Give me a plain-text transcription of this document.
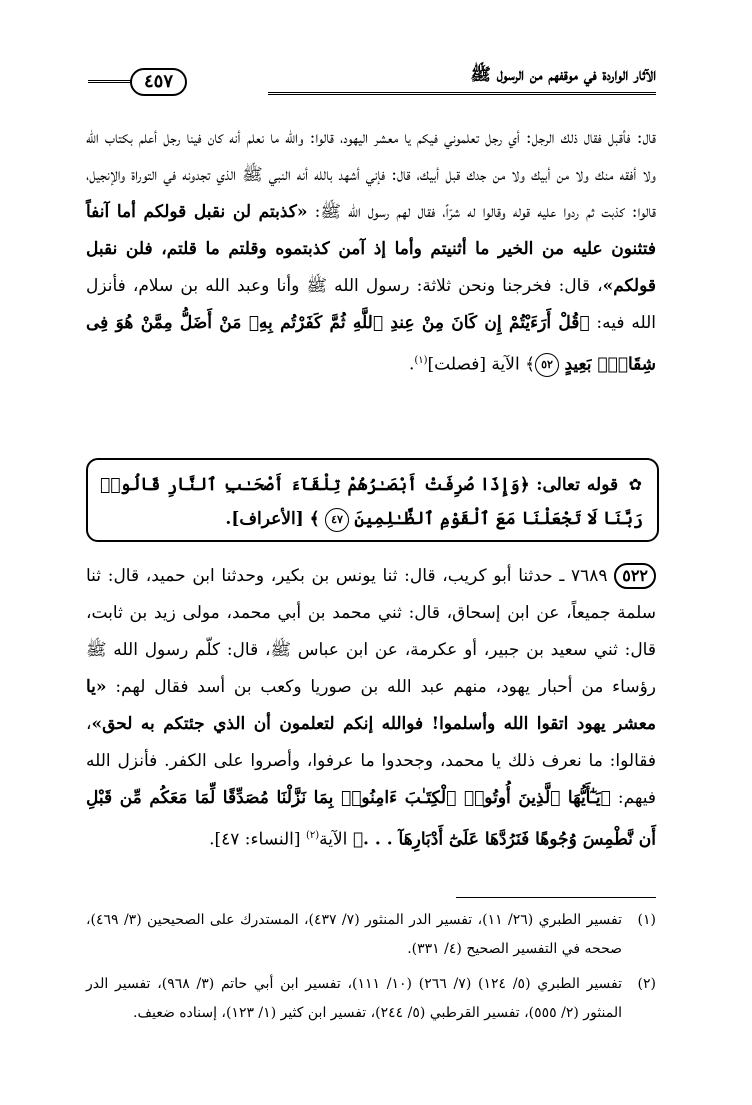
الآثار الواردة في موقفهم من الرسول ﷺ
٤٥٧

قال: فأقبل فقال ذلك الرجل: أي رجل تعلموني فيكم يا معشر اليهود، قالوا: والله ما نعلم أنه كان فينا رجل أعلم بكتاب الله ولا أفقه منك ولا من أبيك ولا من جدك قبل أبيك، قال: فإني أشهد بالله أنه النبي ﷺ الذي تجدونه في التوراة والإنجيل، قالوا: كذبت ثم ردوا عليه قوله وقالوا له شرّاً، فقال لهم رسول الله ﷺ: «كذبتم لن نقبل قولكم أما آنفاً فتثنون عليه من الخير ما أثنيتم وأما إذ آمن كذبتموه وقلتم ما قلتم، فلن نقبل قولكم»، قال: فخرجنا ونحن ثلاثة: رسول الله ﷺ وأنا وعبد الله بن سلام، فأنزل الله فيه: ﴿قُلْ أَرَءَيْتُمْ إِن كَانَ مِنْ عِندِ ٱللَّهِ ثُمَّ كَفَرْتُم بِهِۦ مَنْ أَضَلُّ مِمَّنْ هُوَ فِى شِقَاقٍۭ بَعِيدٍ ٥٢﴾ الآية [فصلت]$^{(١)}$.

✿ قوله تعالى: ﴿وَإِذَا صُرِفَتْ أَبْصَـٰرُهُمْ تِلْقَآءَ أَصْحَـٰبِ ٱلنَّارِ قَالُوا۟ رَبَّنَا لَا تَجْعَلْنَا مَعَ ٱلْقَوْمِ ٱلظَّـٰلِمِينَ ٤٧ ﴾ [الأعراف].

٥٢٢ ٧٦٨٩ ـ حدثنا أبو كريب، قال: ثنا يونس بن بكير، وحدثنا ابن حميد، قال: ثنا سلمة جميعاً، عن ابن إسحاق، قال: ثني محمد بن أبي محمد، مولى زيد بن ثابت، قال: ثني سعيد بن جبير، أو عكرمة، عن ابن عباس ﷺ، قال: كلّم رسول الله ﷺ رؤساء من أحبار يهود، منهم عبد الله بن صوريا وكعب بن أسد فقال لهم: «يا معشر يهود اتقوا الله وأسلموا! فوالله إنكم لتعلمون أن الذي جئتكم به لحق»، فقالوا: ما نعرف ذلك يا محمد، وجحدوا ما عرفوا، وأصروا على الكفر. فأنزل الله فيهم: ﴿يَـٰٓأَيُّهَا ٱلَّذِينَ أُوتُوا۟ ٱلْكِتَـٰبَ ءَامِنُوا۟ بِمَا نَزَّلْنَا مُصَدِّقًا لِّمَا مَعَكُم مِّن قَبْلِ أَن نَّطْمِسَ وُجُوهًا فَنَرُدَّهَا عَلَىٰٓ أَدْبَارِهَآ . . .﴾ الآية$^{(٢)}$ [النساء: ٤٧].

(١)
تفسير الطبري (٢٦/ ١١)، تفسير الدر المنثور (٧/ ٤٣٧)، المستدرك على الصحيحين (٣/ ٤٦٩)، صححه في التفسير الصحيح (٤/ ٣٣١).
(٢)
تفسير الطبري (٥/ ١٢٤) (٧/ ٢٦٦) (١٠/ ١١١)، تفسير ابن أبي حاتم (٣/ ٩٦٨)، تفسير الدر المنثور (٢/ ٥٥٥)، تفسير القرطبي (٥/ ٢٤٤)، تفسير ابن كثير (١/ ١٢٣)، إسناده ضعيف.
